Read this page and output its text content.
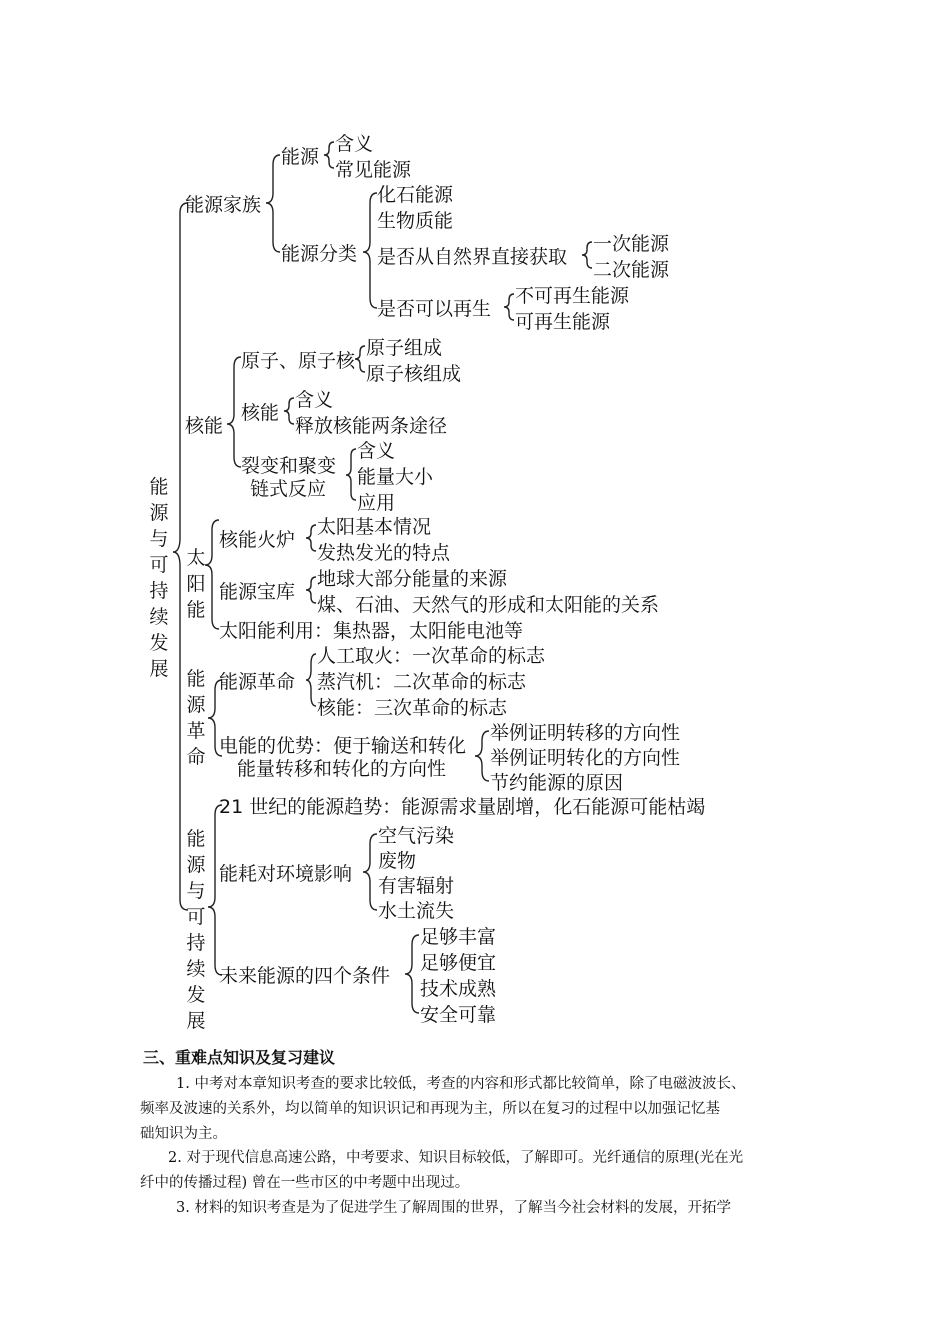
能源与可持续发展
能源家族
能源
含义
常见能源
能源分类
化石能源
生物质能
是否从自然界直接获取
一次能源
二次能源
是否可以再生
不可再生能源
可再生能源
核能
原子、原子核
原子组成
原子核组成
核能
含义
释放核能两条途径
裂变和聚变
链式反应
含义
能量大小
应用
太阳能
核能火炉
太阳基本情况
发热发光的特点
能源宝库
地球大部分能量的来源
煤、石油、天然气的形成和太阳能的关系
太阳能利用：集热器，太阳能电池等
能源革命
能源革命
人工取火：一次革命的标志
蒸汽机：二次革命的标志
核能：三次革命的标志
电能的优势：便于输送和转化
能量转移和转化的方向性
举例证明转移的方向性
举例证明转化的方向性
节约能源的原因
能源与可持续发展
21 世纪的能源趋势：能源需求量剧增，化石能源可能枯竭
能耗对环境影响
空气污染
废物
有害辐射
水土流失
未来能源的四个条件
足够丰富
足够便宜
技术成熟
安全可靠
三、重难点知识及复习建议
1. 中考对本章知识考查的要求比较低，考查的内容和形式都比较简单，除了电磁波波长、
频率及波速的关系外，均以简单的知识识记和再现为主，所以在复习的过程中以加强记忆基
础知识为主。
2. 对于现代信息高速公路，中考要求、知识目标较低，了解即可。光纤通信的原理(光在光
纤中的传播过程) 曾在一些市区的中考题中出现过。
3. 材料的知识考查是为了促进学生了解周围的世界，了解当今社会材料的发展，开拓学
